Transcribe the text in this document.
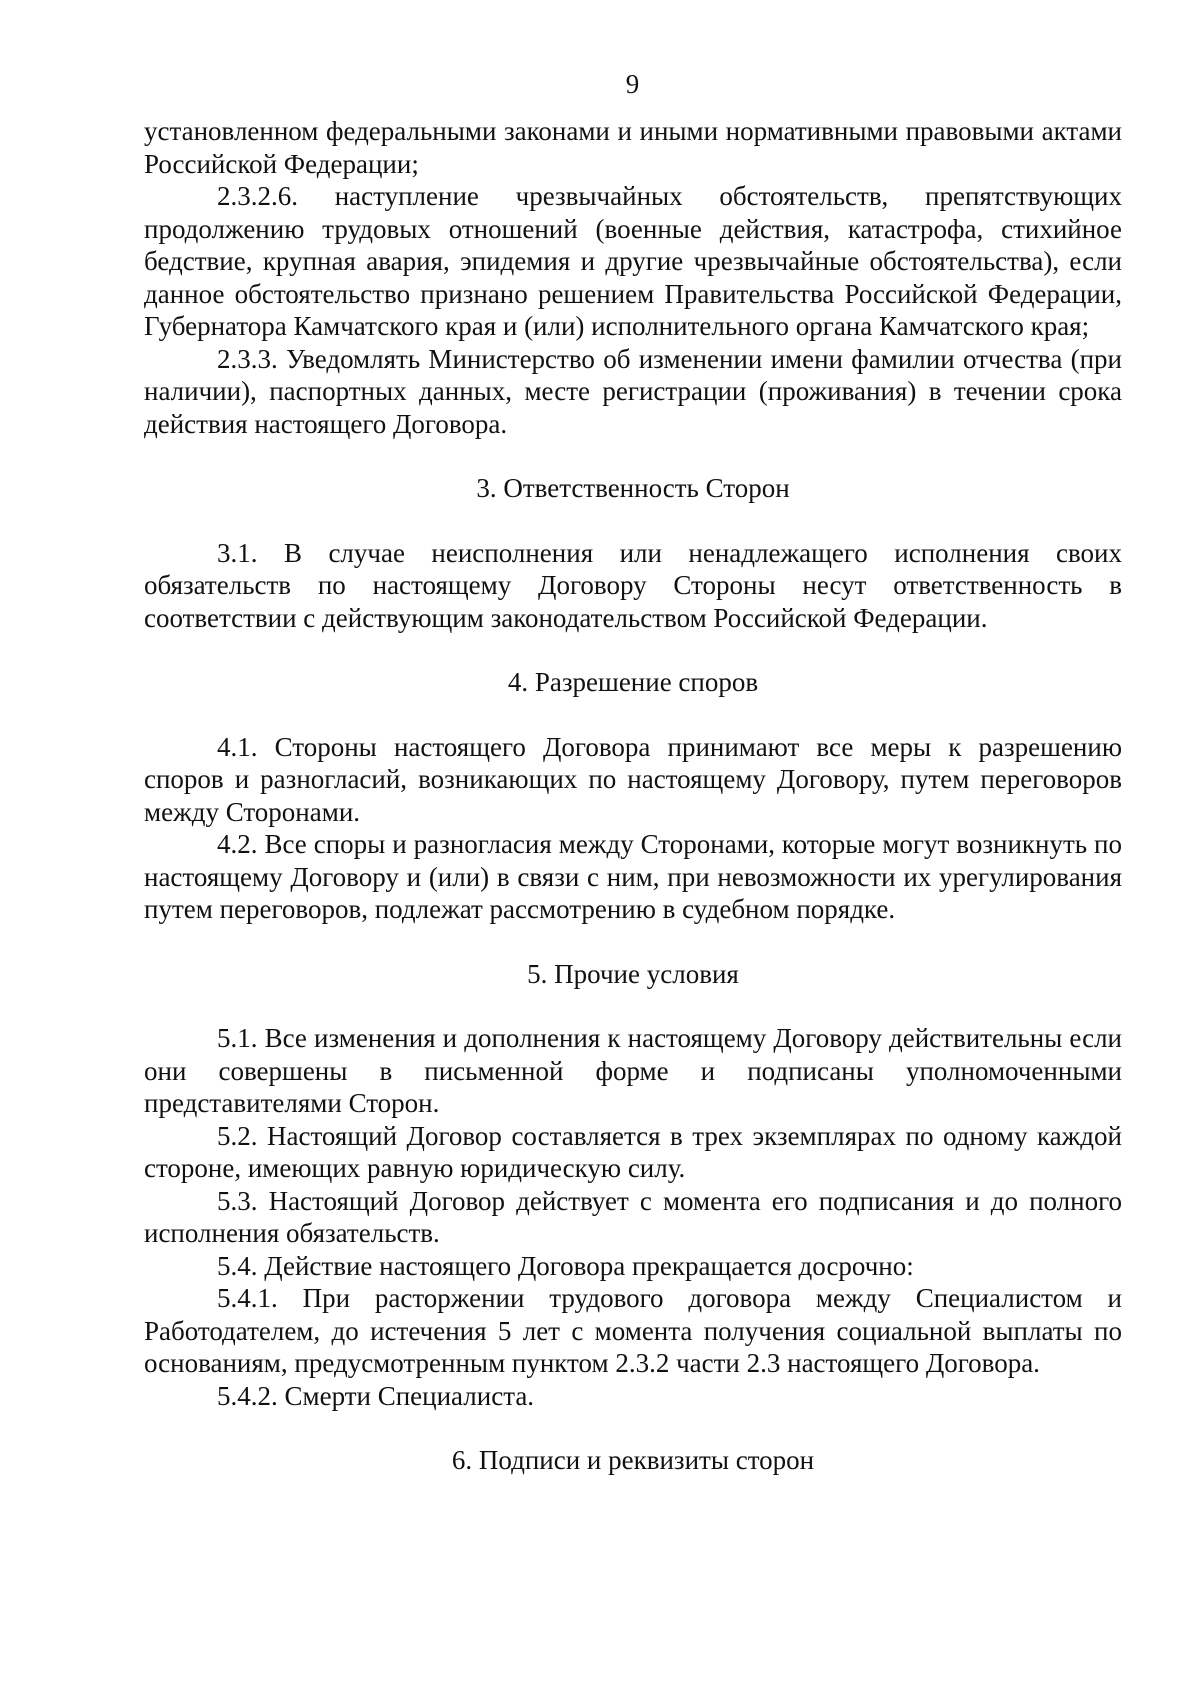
9

установленном федеральными законами и иными нормативными правовыми актами Российской Федерации;

2.3.2.6. наступление чрезвычайных обстоятельств, препятствующих продолжению трудовых отношений (военные действия, катастрофа, стихийное бедствие, крупная авария, эпидемия и другие чрезвычайные обстоятельства), если данное обстоятельство признано решением Правительства Российской Федерации, Губернатора Камчатского края и (или) исполнительного органа Камчатского края;

2.3.3. Уведомлять Министерство об изменении имени фамилии отчества (при наличии), паспортных данных, месте регистрации (проживания) в течении срока действия настоящего Договора.

3. Ответственность Сторон

3.1. В случае неисполнения или ненадлежащего исполнения своих обязательств по настоящему Договору Стороны несут ответственность в соответствии с действующим законодательством Российской Федерации.

4. Разрешение споров

4.1. Стороны настоящего Договора принимают все меры к разрешению споров и разногласий, возникающих по настоящему Договору, путем переговоров между Сторонами.

4.2. Все споры и разногласия между Сторонами, которые могут возникнуть по настоящему Договору и (или) в связи с ним, при невозможности их урегулирования путем переговоров, подлежат рассмотрению в судебном порядке.

5. Прочие условия

5.1. Все изменения и дополнения к настоящему Договору действительны если они совершены в письменной форме и подписаны уполномоченными представителями Сторон.

5.2. Настоящий Договор составляется в трех экземплярах по одному каждой стороне, имеющих равную юридическую силу.

5.3. Настоящий Договор действует с момента его подписания и до полного исполнения обязательств.

5.4. Действие настоящего Договора прекращается досрочно:

5.4.1. При расторжении трудового договора между Специалистом и Работодателем, до истечения 5 лет с момента получения социальной выплаты по основаниям, предусмотренным пунктом 2.3.2 части 2.3 настоящего Договора.

5.4.2. Смерти Специалиста.

6. Подписи и реквизиты сторон
